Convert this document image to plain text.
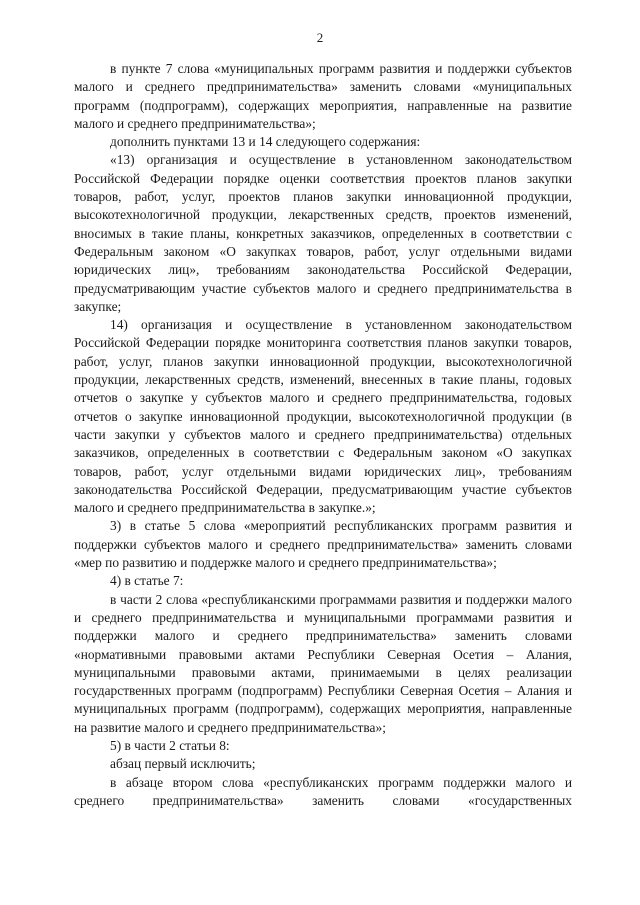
2

в пункте 7 слова «муниципальных программ развития и поддержки субъектов малого и среднего предпринимательства» заменить словами «муниципальных программ (подпрограмм), содержащих мероприятия, направленные на развитие малого и среднего предпринимательства»;

дополнить пунктами 13 и 14 следующего содержания:

«13) организация и осуществление в установленном законодательством Российской Федерации порядке оценки соответствия проектов планов закупки товаров, работ, услуг, проектов планов закупки инновационной продукции, высокотехнологичной продукции, лекарственных средств, проектов изменений, вносимых в такие планы, конкретных заказчиков, определенных в соответствии с Федеральным законом «О закупках товаров, работ, услуг отдельными видами юридических лиц», требованиям законодательства Российской Федерации, предусматривающим участие субъектов малого и среднего предпринимательства в закупке;

14) организация и осуществление в установленном законодательством Российской Федерации порядке мониторинга соответствия планов закупки товаров, работ, услуг, планов закупки инновационной продукции, высокотехнологичной продукции, лекарственных средств, изменений, внесенных в такие планы, годовых отчетов о закупке у субъектов малого и среднего предпринимательства, годовых отчетов о закупке инновационной продукции, высокотехнологичной продукции (в части закупки у субъектов малого и среднего предпринимательства) отдельных заказчиков, определенных в соответствии с Федеральным законом «О закупках товаров, работ, услуг отдельными видами юридических лиц», требованиям законодательства Российской Федерации, предусматривающим участие субъектов малого и среднего предпринимательства в закупке.»;

3) в статье 5 слова «мероприятий республиканских программ развития и поддержки субъектов малого и среднего предпринимательства» заменить словами «мер по развитию и поддержке малого и среднего предпринимательства»;

4) в статье 7:

в части 2 слова «республиканскими программами развития и поддержки малого и среднего предпринимательства и муниципальными программами развития и поддержки малого и среднего предпринимательства» заменить словами «нормативными правовыми актами Республики Северная Осетия – Алания, муниципальными правовыми актами, принимаемыми в целях реализации государственных программ (подпрограмм) Республики Северная Осетия – Алания и муниципальных программ (подпрограмм), содержащих мероприятия, направленные на развитие малого и среднего предпринимательства»;

5) в части 2 статьи 8:

абзац первый исключить;

в абзаце втором слова «республиканских программ поддержки малого и среднего предпринимательства» заменить словами «государственных
